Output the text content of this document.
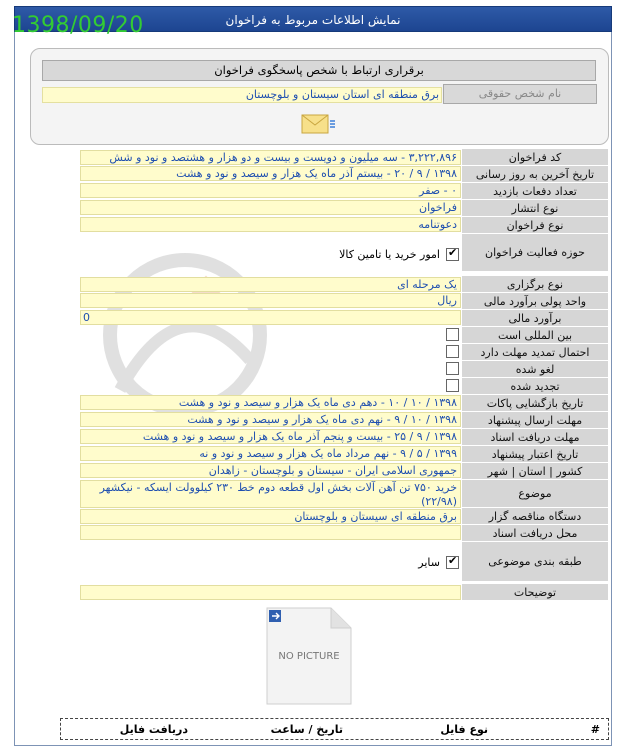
نمایش اطلاعات مربوط به فراخوان
1398/09/20
برقراری ارتباط با شخص پاسخگوی فراخوان
نام شخص حقوقی
برق منطقه ای استان سیستان و بلوچستان
کد فراخوان
۳,۲۲۲,۸۹۶ - سه میلیون و دویست و بیست و دو هزار و هشتصد و نود و شش
تاریخ آخرین به روز رسانی
۱۳۹۸ / ۹ / ۲۰ - بیستم آذر ماه یک هزار و سیصد و نود و هشت
تعداد دفعات بازدید
۰ - صفر
نوع انتشار
فراخوان
نوع فراخوان
دعوتنامه
حوزه فعالیت فراخوان
✔
امور خرید یا تامین کالا
نوع برگزاری
یک مرحله ای
واحد پولی برآورد مالی
ریال
برآورد مالی
0
بین المللی است
احتمال تمدید مهلت دارد
لغو شده
تجدید شده
تاریخ بازگشایی پاکات
۱۳۹۸ / ۱۰ / ۱۰ - دهم دی ماه یک هزار و سیصد و نود و هشت
مهلت ارسال پیشنهاد
۱۳۹۸ / ۱۰ / ۹ - نهم دی ماه یک هزار و سیصد و نود و هشت
مهلت دریافت اسناد
۱۳۹۸ / ۹ / ۲۵ - بیست و پنجم آذر ماه یک هزار و سیصد و نود و هشت
تاریخ اعتبار پیشنهاد
۱۳۹۹ / ۵ / ۹ - نهم مرداد ماه یک هزار و سیصد و نود و نه
کشور | استان | شهر
جمهوری اسلامی ایران - سیستان و بلوچستان - زاهدان
موضوع
خرید ۷۵۰ تن آهن آلات بخش اول قطعه دوم خط ۲۳۰ کیلوولت ایسکه - نیکشهر (۲۲/۹۸)
دستگاه مناقصه گزار
برق منطقه ای سیستان و بلوچستان
محل دریافت اسناد
طبقه بندی موضوعی
✔
سایر
توضیحات
NO PICTURE
#
نوع فایل
تاریخ / ساعت
دریافت فایل
